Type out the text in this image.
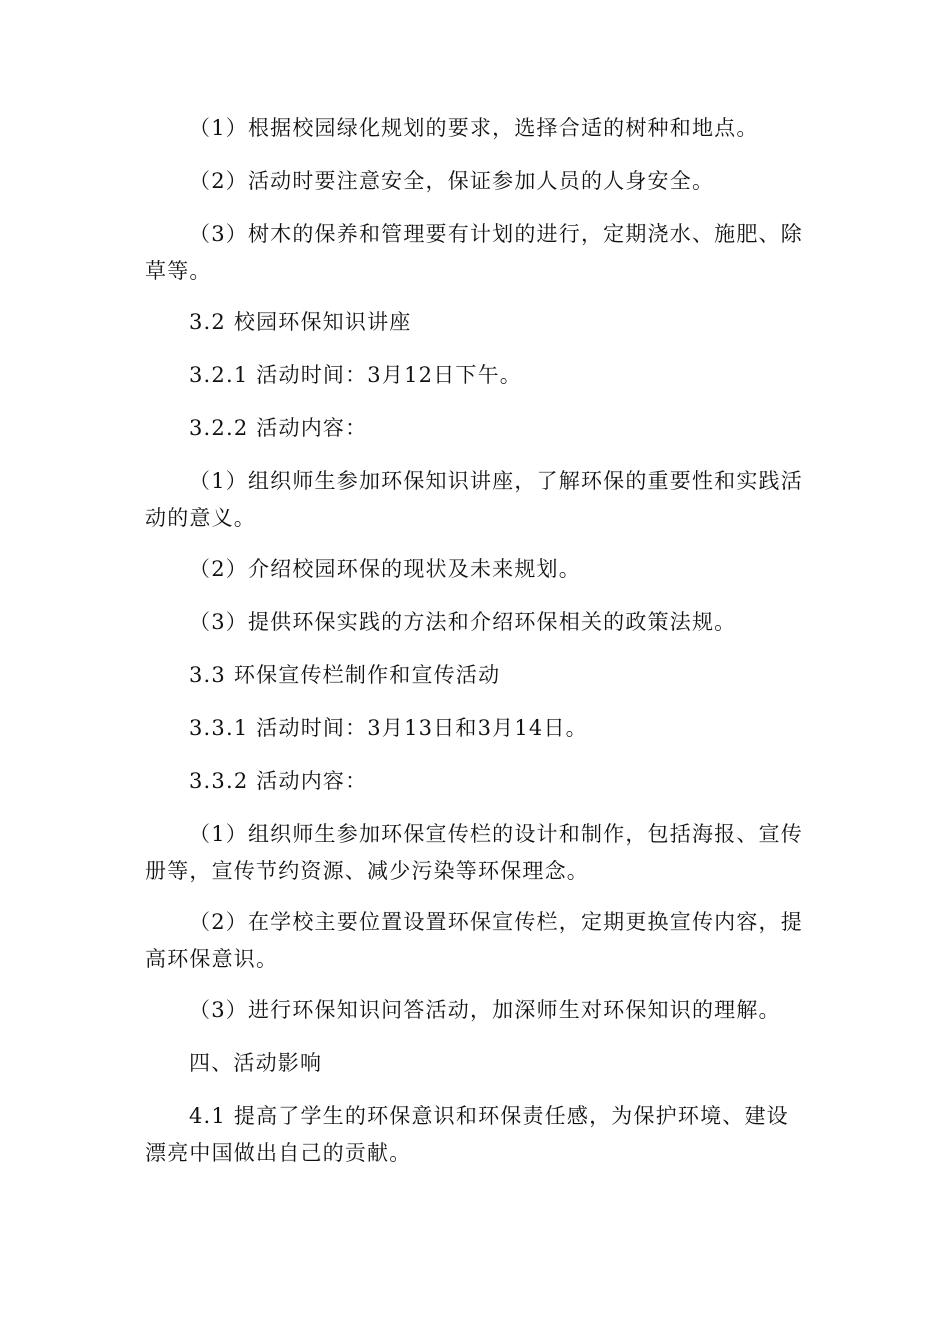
（1）根据校园绿化规划的要求，选择合适的树种和地点。

（2）活动时要注意安全，保证参加人员的人身安全。

（3）树木的保养和管理要有计划的进行，定期浇水、施肥、除草等。

3.2 校园环保知识讲座

3.2.1 活动时间：3月12日下午。

3.2.2 活动内容：

（1）组织师生参加环保知识讲座，了解环保的重要性和实践活动的意义。

（2）介绍校园环保的现状及未来规划。

（3）提供环保实践的方法和介绍环保相关的政策法规。

3.3 环保宣传栏制作和宣传活动

3.3.1 活动时间：3月13日和3月14日。

3.3.2 活动内容：

（1）组织师生参加环保宣传栏的设计和制作，包括海报、宣传册等，宣传节约资源、减少污染等环保理念。

（2）在学校主要位置设置环保宣传栏，定期更换宣传内容，提高环保意识。

（3）进行环保知识问答活动，加深师生对环保知识的理解。

四、活动影响

4.1 提高了学生的环保意识和环保责任感，为保护环境、建设漂亮中国做出自己的贡献。
